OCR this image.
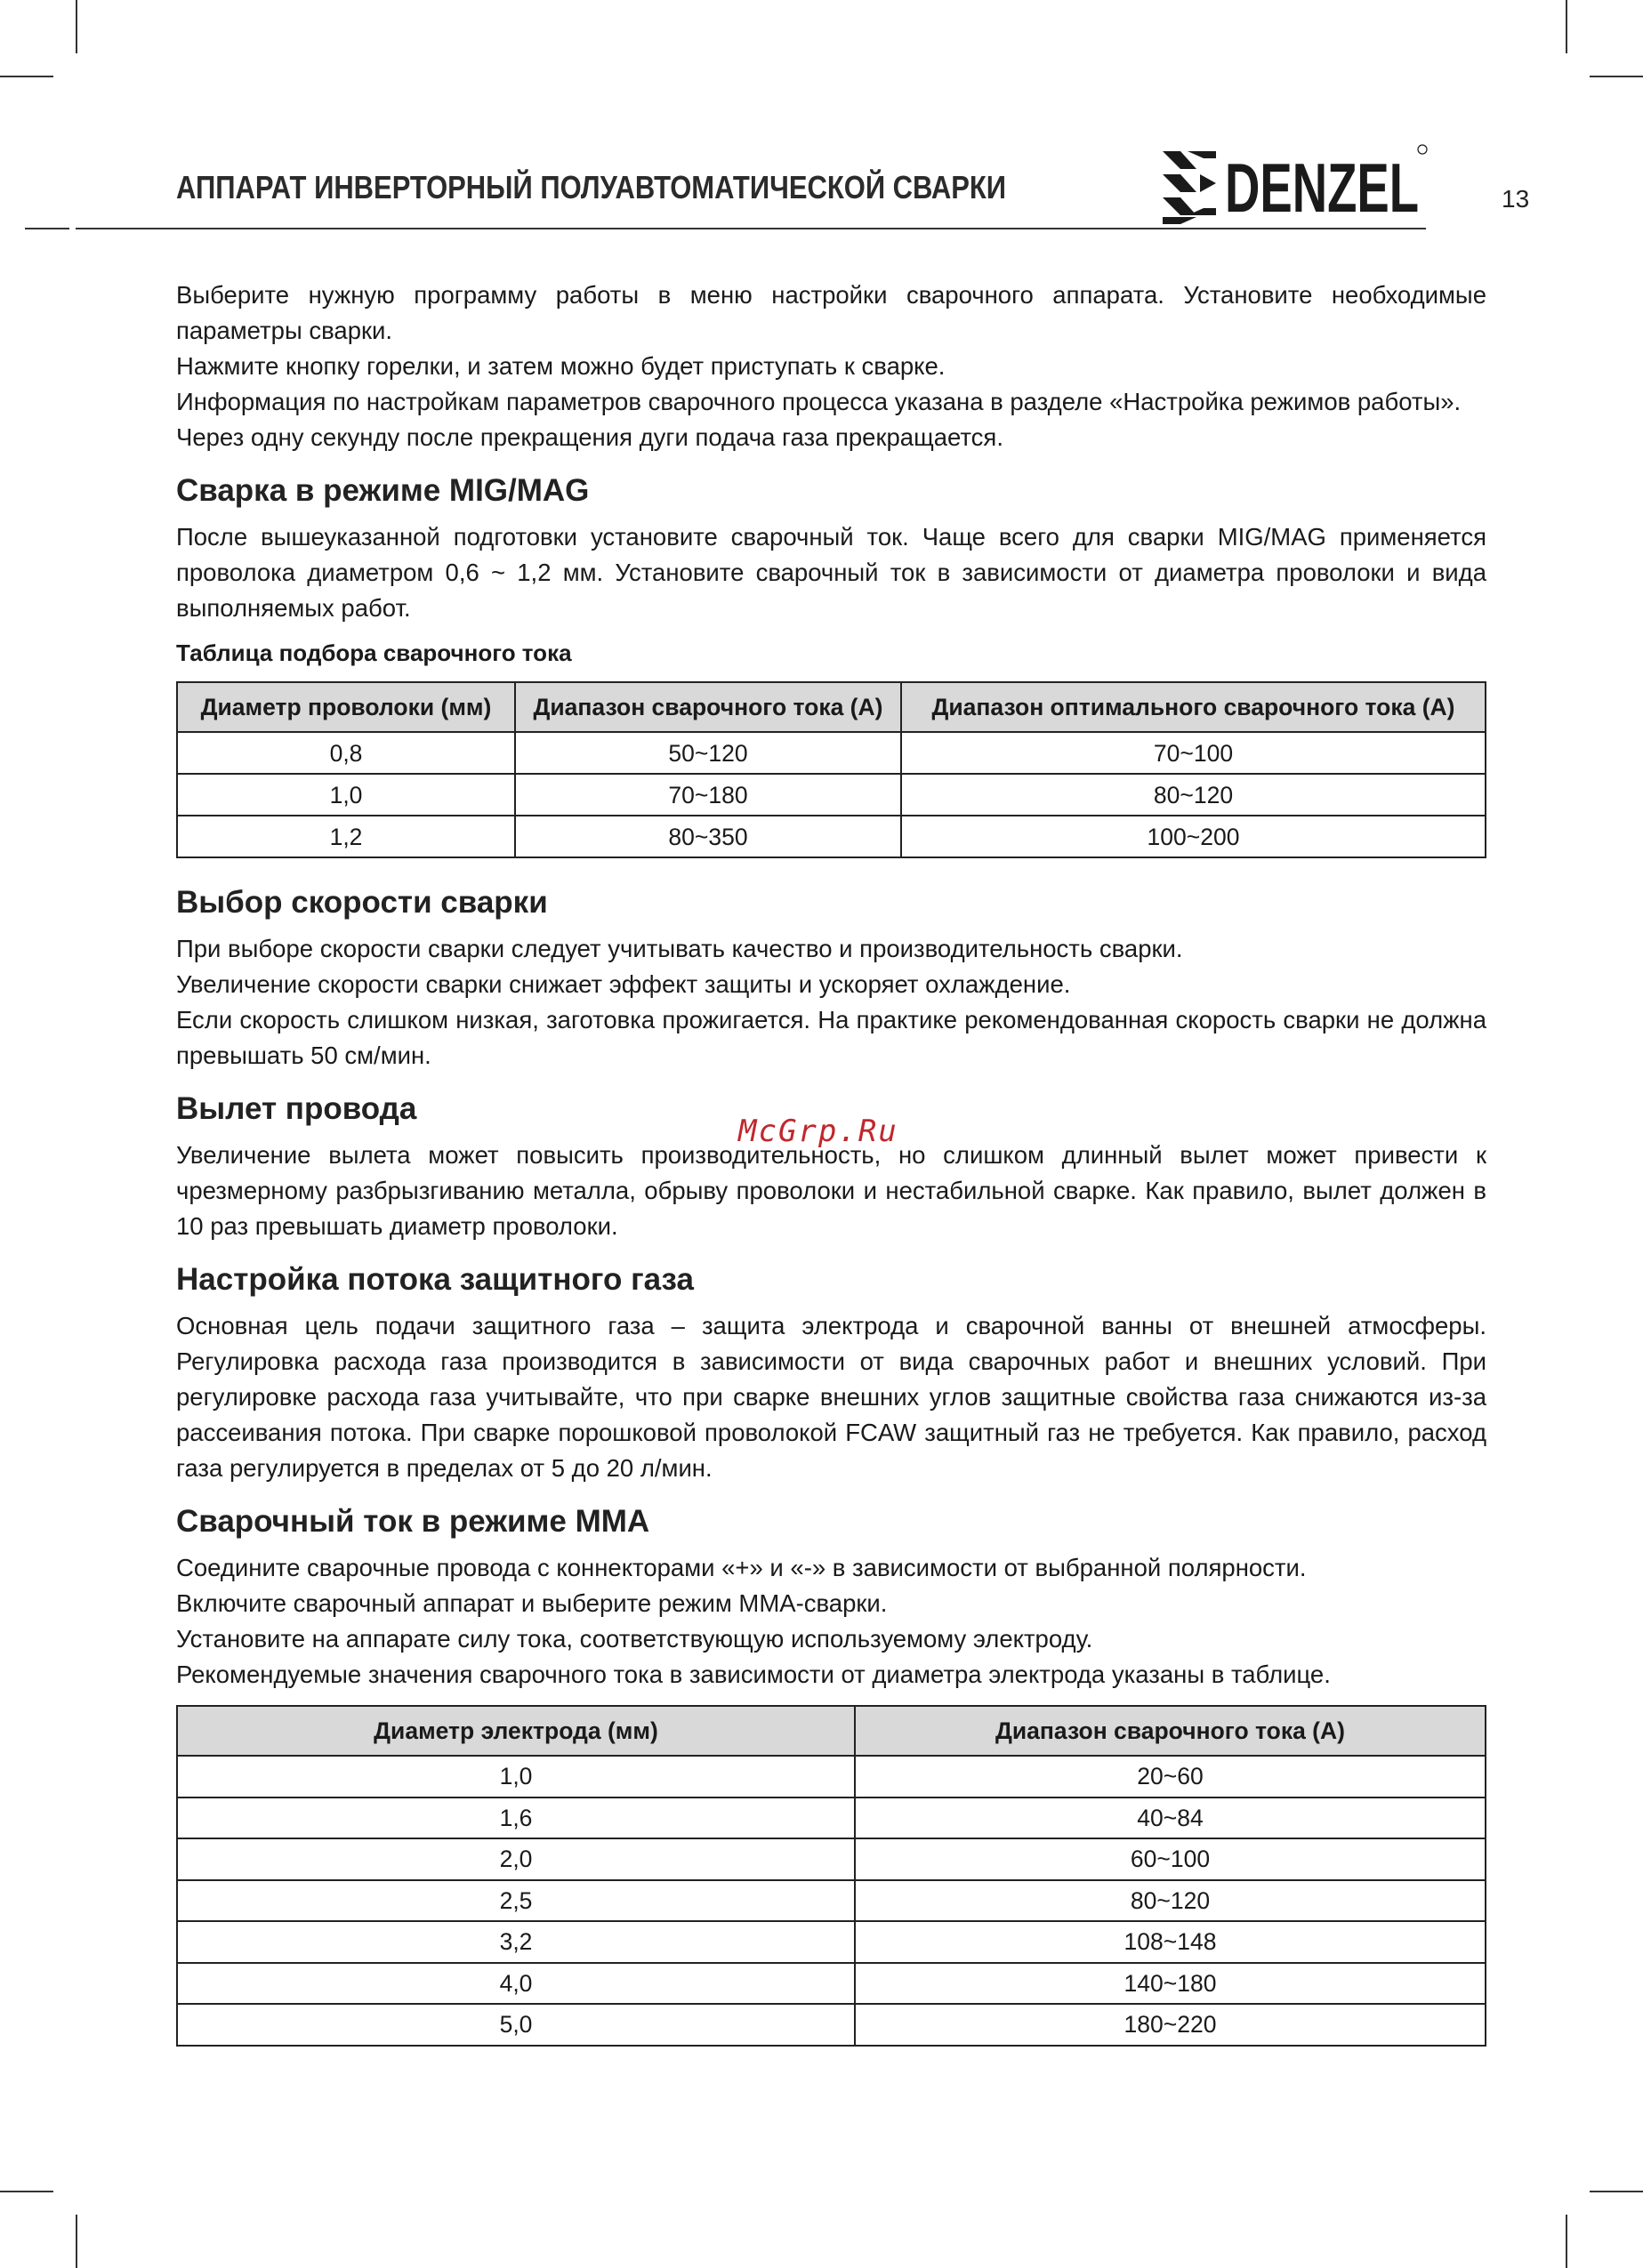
АППАРАТ ИНВЕРТОРНЫЙ ПОЛУАВТОМАТИЧЕСКОЙ СВАРКИ	DENZEL	13

Выберите нужную программу работы в меню настройки сварочного аппарата. Установите необходимые параметры сварки.

Нажмите кнопку горелки, и затем можно будет приступать к сварке.

Информация по настройкам параметров сварочного процесса указана в разделе «Настройка режимов работы».

Через одну секунду после прекращения дуги подача газа прекращается.

Сварка в режиме MIG/MAG

После вышеуказанной подготовки установите сварочный ток. Чаще всего для сварки MIG/MAG применяется проволока диаметром 0,6 ~ 1,2 мм. Установите сварочный ток в зависимости от диаметра проволоки и вида выполняемых работ.

Таблица подбора сварочного тока
Диаметр проволоки (мм)	Диапазон сварочного тока (А)	Диапазон оптимального сварочного тока (А)
0,8	50~120	70~100
1,0	70~180	80~120
1,2	80~350	100~200
Выбор скорости сварки

При выборе скорости сварки следует учитывать качество и производительность сварки.

Увеличение скорости сварки снижает эффект защиты и ускоряет охлаждение.

Если скорость слишком низкая, заготовка прожигается. На практике рекомендованная скорость сварки не должна превышать 50 см/мин.

Вылет провода

Увеличение вылета может повысить производительность, но слишком длинный вылет может привести к чрезмерному разбрызгиванию металла, обрыву проволоки и нестабильной сварке. Как правило, вылет должен в 10 раз превышать диаметр проволоки.

Настройка потока защитного газа

Основная цель подачи защитного газа – защита электрода и сварочной ванны от внешней атмосферы. Регулировка расхода газа производится в зависимости от вида сварочных работ и внешних условий. При регулировке расхода газа учитывайте, что при сварке внешних углов защитные свойства газа снижаются из-за рассеивания потока. При сварке порошковой проволокой FCAW защитный газ не требуется. Как правило, расход газа регулируется в пределах от 5 до 20 л/мин.

Сварочный ток в режиме MMA

Соедините сварочные провода с коннекторами «+» и «-» в зависимости от выбранной полярности.

Включите сварочный аппарат и выберите режим MMA-сварки.

Установите на аппарате силу тока, соответствующую используемому электроду.

Рекомендуемые значения сварочного тока в зависимости от диаметра электрода указаны в таблице.

Диаметр электрода (мм)	Диапазон сварочного тока (А)
1,0	20~60
1,6	40~84
2,0	60~100
2,5	80~120
3,2	108~148
4,0	140~180
5,0	180~220
McGrp.Ru
